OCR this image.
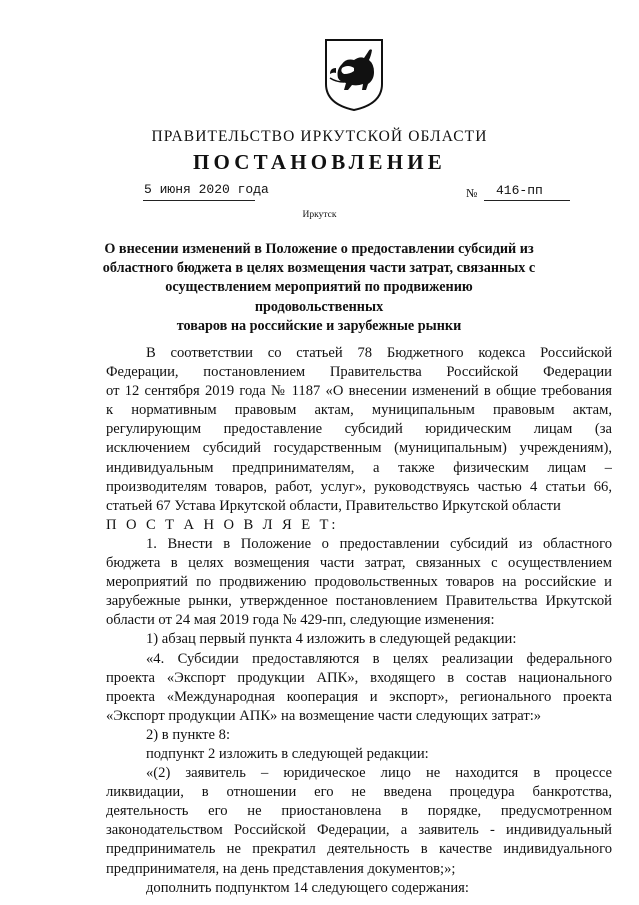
ПРАВИТЕЛЬСТВО ИРКУТСКОЙ ОБЛАСТИ
ПОСТАНОВЛЕНИЕ
5 июня 2020 года	№ 416-пп
Иркутск
О внесении изменений в Положение о предоставлении субсидий из
областного бюджета в целях возмещения части затрат, связанных с
осуществлением мероприятий по продвижению продовольственных
товаров на российские и зарубежные рынки
В соответствии со статьей 78 Бюджетного кодекса Российской
Федерации, постановлением Правительства Российской Федерации
от 12 сентября 2019 года № 1187 «О внесении изменений в общие требования
к нормативным правовым актам, муниципальным правовым актам,
регулирующим предоставление субсидий юридическим лицам (за
исключением субсидий государственным (муниципальным) учреждениям),
индивидуальным предпринимателям, а также физическим лицам –
производителям товаров, работ, услуг», руководствуясь частью 4 статьи 66,
статьей 67 Устава Иркутской области, Правительство Иркутской области
П О С Т А Н О В Л Я Е Т:
1. Внести в Положение о предоставлении субсидий из областного
бюджета в целях возмещения части затрат, связанных с осуществлением
мероприятий по продвижению продовольственных товаров на российские и
зарубежные рынки, утвержденное постановлением Правительства Иркутской
области от 24 мая 2019 года № 429-пп, следующие изменения:
1) абзац первый пункта 4 изложить в следующей редакции:
«4. Субсидии предоставляются в целях реализации федерального
проекта «Экспорт продукции АПК», входящего в состав национального
проекта «Международная кооперация и экспорт», регионального проекта
«Экспорт продукции АПК» на возмещение части следующих затрат:»
2) в пункте 8:
подпункт 2 изложить в следующей редакции:
«(2) заявитель – юридическое лицо не находится в процессе
ликвидации, в отношении его не введена процедура банкротства,
деятельность его не приостановлена в порядке, предусмотренном
законодательством Российской Федерации, а заявитель - индивидуальный
предприниматель не прекратил деятельность в качестве индивидуального
предпринимателя, на день представления документов;»;
дополнить подпунктом 14 следующего содержания:
